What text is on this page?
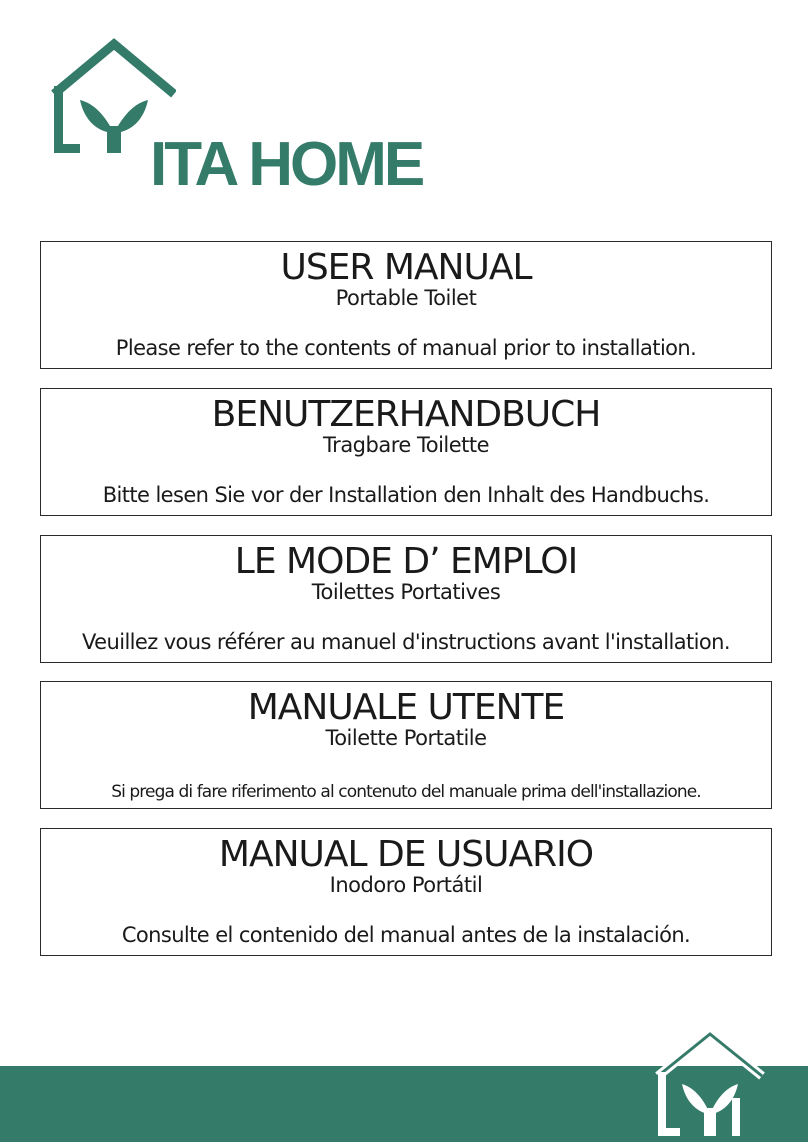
ITA HOME
USER MANUAL
Portable Toilet
Please refer to the contents of manual prior to installation.
BENUTZERHANDBUCH
Tragbare Toilette
Bitte lesen Sie vor der Installation den Inhalt des Handbuchs.
LE MODE D’ EMPLOI
Toilettes Portatives
Veuillez vous référer au manuel d'instructions avant l'installation.
MANUALE UTENTE
Toilette Portatile
Si prega di fare riferimento al contenuto del manuale prima dell'installazione.
MANUAL DE USUARIO
Inodoro Portátil
Consulte el contenido del manual antes de la instalación.
